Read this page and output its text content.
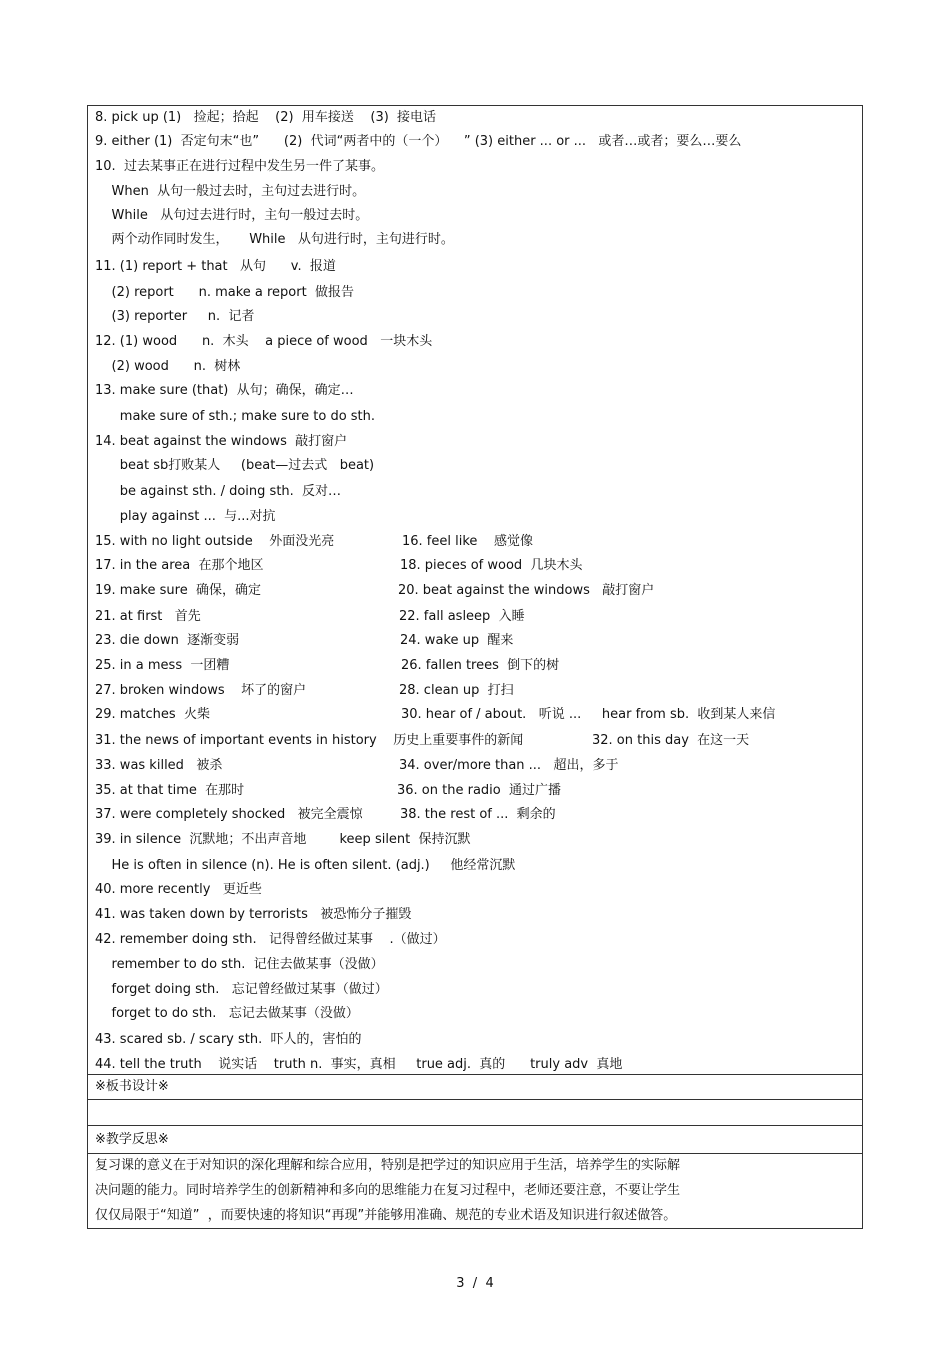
8. pick up (1)   捡起；拾起    (2)  用车接送    (3)  接电话
9. either (1)  否定句末“也”      (2)  代词“两者中的（一个）    ” (3) either ... or ...   或者…或者；要么…要么
10.  过去某事正在进行过程中发生另一件了某事。
When  从句一般过去时，主句过去进行时。
While   从句过去进行时，主句一般过去时。
两个动作同时发生，     While   从句进行时，主句进行时。
11. (1) report + that   从句      v.  报道
(2) report      n. make a report  做报告
(3) reporter     n.  记者
12. (1) wood      n.  木头    a piece of wood   一块木头
(2) wood      n.  树林
13. make sure (that)  从句；确保，确定…
make sure of sth.; make sure to do sth.
14. beat against the windows  敲打窗户
beat sb打败某人     (beat—过去式   beat)
be against sth. / doing sth.  反对…
play against ...  与...对抗
15. with no light outside    外面没光亮	16. feel like    感觉像
17. in the area  在那个地区	18. pieces of wood  几块木头
19. make sure  确保，确定	20. beat against the windows   敲打窗户
21. at first   首先	22. fall asleep  入睡
23. die down  逐渐变弱	24. wake up  醒来
25. in a mess  一团糟	26. fallen trees  倒下的树
27. broken windows    坏了的窗户	28. clean up  打扫
29. matches  火柴	30. hear of / about.   听说 ...     hear from sb.  收到某人来信
31. the news of important events in history    历史上重要事件的新闻	32. on this day  在这一天
33. was killed   被杀	34. over/more than ...   超出，多于
35. at that time  在那时	36. on the radio  通过广播
37. were completely shocked   被完全震惊	38. the rest of ...  剩余的
39. in silence  沉默地；不出声音地        keep silent  保持沉默
He is often in silence (n). He is often silent. (adj.)     他经常沉默
40. more recently   更近些
41. was taken down by terrorists   被恐怖分子摧毁
42. remember doing sth.   记得曾经做过某事    .（做过）
remember to do sth.  记住去做某事（没做）
forget doing sth.   忘记曾经做过某事（做过）
forget to do sth.   忘记去做某事（没做）
43. scared sb. / scary sth.  吓人的，害怕的
44. tell the truth    说实话    truth n.  事实，真相     true adj.  真的      truly adv  真地
※板书设计※
※教学反思※
复习课的意义在于对知识的深化理解和综合应用，特别是把学过的知识应用于生活，培养学生的实际解
决问题的能力。同时培养学生的创新精神和多向的思维能力在复习过程中，老师还要注意，不要让学生
仅仅局限于“知道”  ，而要快速的将知识“再现”并能够用准确、规范的专业术语及知识进行叙述做答。
3  /  4
